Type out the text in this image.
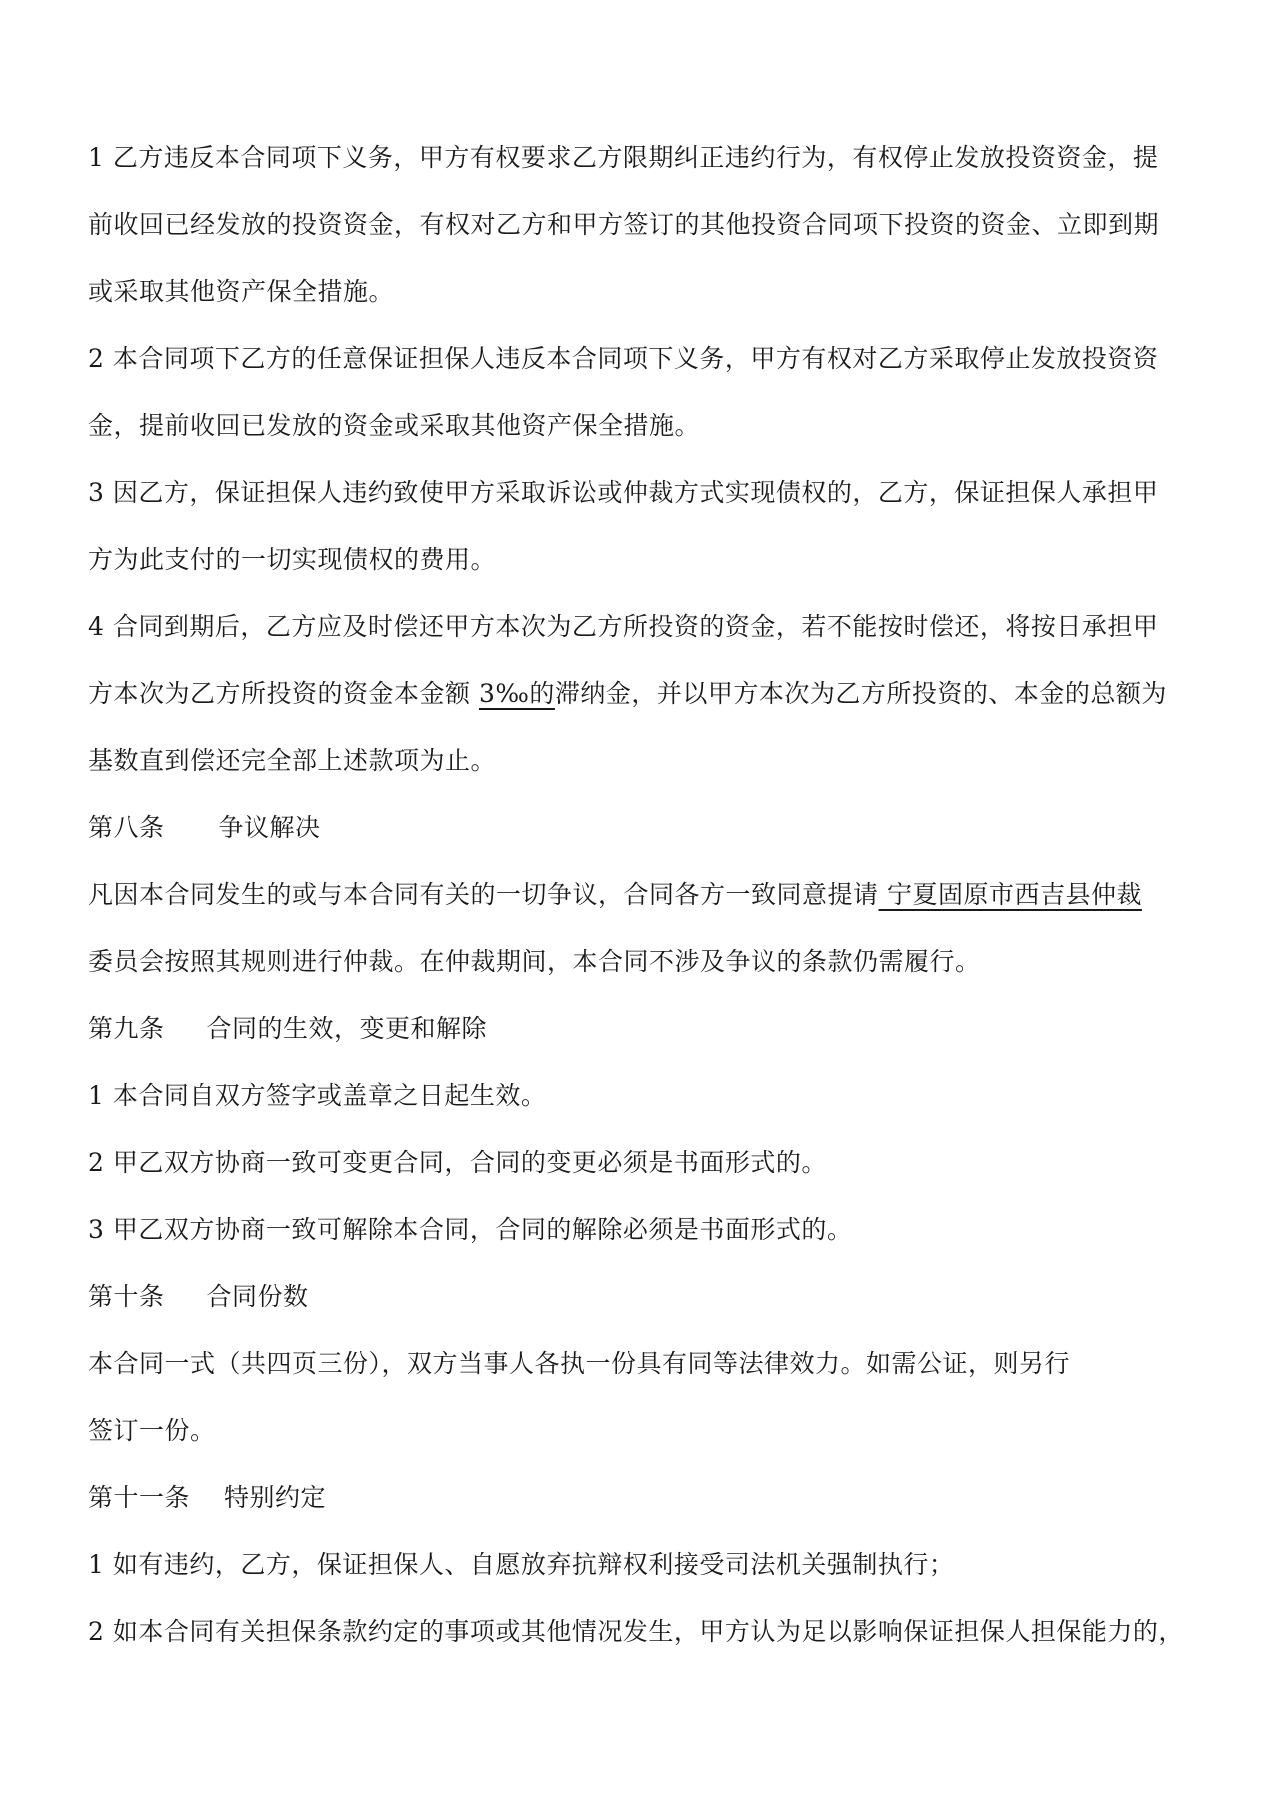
1 乙方违反本合同项下义务，甲方有权要求乙方限期纠正违约行为，有权停止发放投资资金，提
前收回已经发放的投资资金，有权对乙方和甲方签订的其他投资合同项下投资的资金、立即到期
或采取其他资产保全措施。
2 本合同项下乙方的任意保证担保人违反本合同项下义务，甲方有权对乙方采取停止发放投资资
金，提前收回已发放的资金或采取其他资产保全措施。
3 因乙方，保证担保人违约致使甲方采取诉讼或仲裁方式实现债权的，乙方，保证担保人承担甲
方为此支付的一切实现债权的费用。
4 合同到期后，乙方应及时偿还甲方本次为乙方所投资的资金，若不能按时偿还，将按日承担甲
方本次为乙方所投资的资金本金额 3‰的滞纳金，并以甲方本次为乙方所投资的、本金的总额为
基数直到偿还完全部上述款项为止。
第八条 争议解决
凡因本合同发生的或与本合同有关的一切争议，合同各方一致同意提请 宁夏固原市西吉县仲裁
委员会按照其规则进行仲裁。在仲裁期间，本合同不涉及争议的条款仍需履行。
第九条 合同的生效，变更和解除
1 本合同自双方签字或盖章之日起生效。
2 甲乙双方协商一致可变更合同，合同的变更必须是书面形式的。
3 甲乙双方协商一致可解除本合同，合同的解除必须是书面形式的。
第十条 合同份数
本合同一式（共四页三份），双方当事人各执一份具有同等法律效力。如需公证，则另行
签订一份。
第十一条 特别约定
1 如有违约，乙方，保证担保人、自愿放弃抗辩权利接受司法机关强制执行；
2 如本合同有关担保条款约定的事项或其他情况发生，甲方认为足以影响保证担保人担保能力的，
